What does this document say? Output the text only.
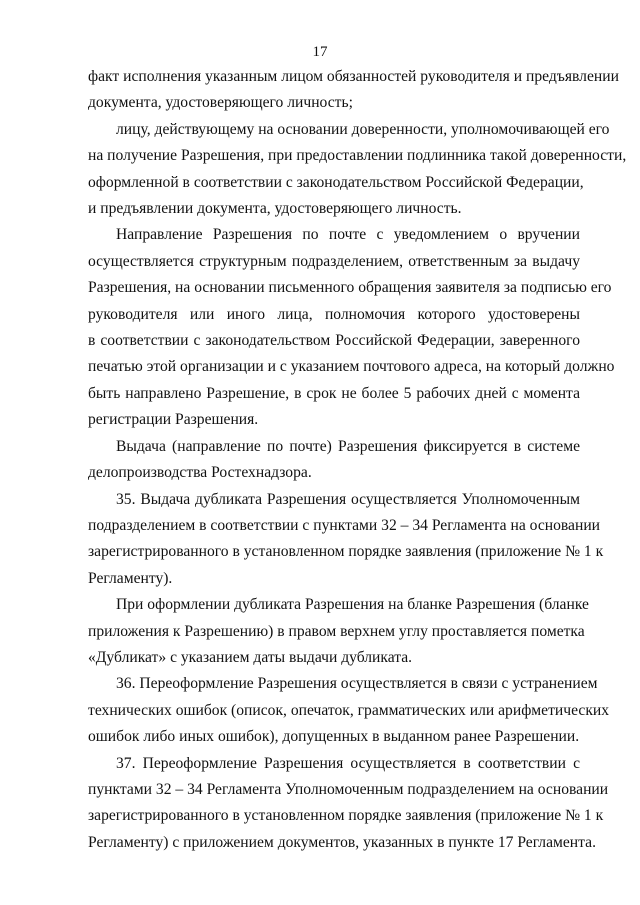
17
факт исполнения указанным лицом обязанностей руководителя и предъявлении
документа, удостоверяющего личность;
лицу, действующему на основании доверенности, уполномочивающей его
на получение Разрешения, при предоставлении подлинника такой доверенности,
оформленной в соответствии с законодательством Российской Федерации,
и предъявлении документа, удостоверяющего личность.
Направление Разрешения по почте с уведомлением о вручении
осуществляется структурным подразделением, ответственным за выдачу
Разрешения, на основании письменного обращения заявителя за подписью его
руководителя или иного лица, полномочия которого удостоверены
в соответствии с законодательством Российской Федерации, заверенного
печатью этой организации и с указанием почтового адреса, на который должно
быть направлено Разрешение, в срок не более 5 рабочих дней с момента
регистрации Разрешения.
Выдача (направление по почте) Разрешения фиксируется в системе
делопроизводства Ростехнадзора.
35. Выдача дубликата Разрешения осуществляется Уполномоченным
подразделением в соответствии с пунктами 32 – 34 Регламента на основании
зарегистрированного в установленном порядке заявления (приложение № 1 к
Регламенту).
При оформлении дубликата Разрешения на бланке Разрешения (бланке
приложения к Разрешению) в правом верхнем углу проставляется пометка
«Дубликат» с указанием даты выдачи дубликата.
36. Переоформление Разрешения осуществляется в связи с устранением
технических ошибок (описок, опечаток, грамматических или арифметических
ошибок либо иных ошибок), допущенных в выданном ранее Разрешении.
37. Переоформление Разрешения осуществляется в соответствии с
пунктами 32 – 34 Регламента Уполномоченным подразделением на основании
зарегистрированного в установленном порядке заявления (приложение № 1 к
Регламенту) с приложением документов, указанных в пункте 17 Регламента.
